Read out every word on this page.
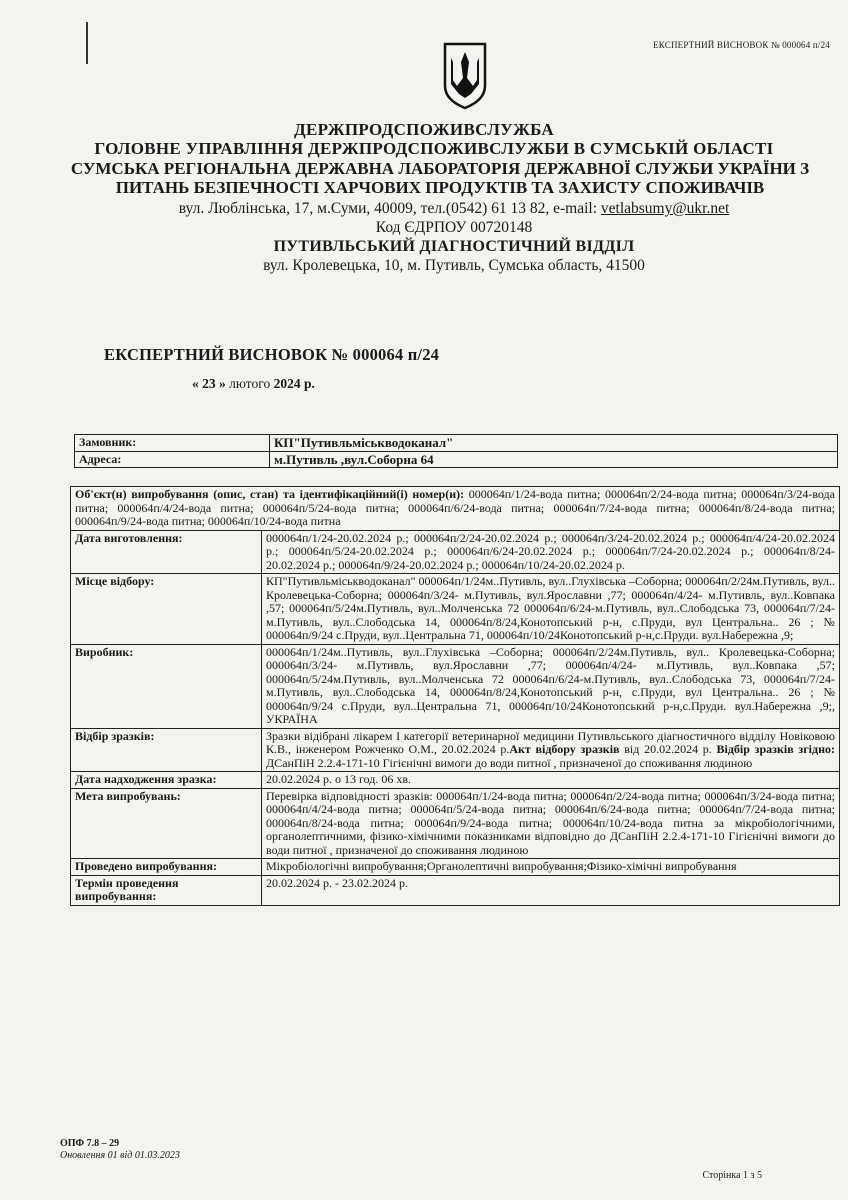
ЕКСПЕРТНИЙ ВИСНОВОК № 000064 п/24
ДЕРЖПРОДСПОЖИВСЛУЖБА
ГОЛОВНЕ УПРАВЛІННЯ ДЕРЖПРОДСПОЖИВСЛУЖБИ В СУМСЬКІЙ ОБЛАСТІ
СУМСЬКА РЕГІОНАЛЬНА ДЕРЖАВНА ЛАБОРАТОРІЯ ДЕРЖАВНОЇ СЛУЖБИ УКРАЇНИ З ПИТАНЬ БЕЗПЕЧНОСТІ ХАРЧОВИХ ПРОДУКТІВ ТА ЗАХИСТУ СПОЖИВАЧІВ
вул. Люблінська, 17, м.Суми, 40009, тел.(0542) 61 13 82, e-mail: vetlabsumy@ukr.net
Код ЄДРПОУ 00720148
ПУТИВЛЬСЬКИЙ ДІАГНОСТИЧНИЙ ВІДДІЛ
вул. Кролевецька, 10, м. Путивль, Сумська область, 41500
ЕКСПЕРТНИЙ ВИСНОВОК № 000064 п/24
« 23 » лютого 2024 р.
Замовник:	КП"Путивльміськводоканал"
Адреса:	м.Путивль ,вул.Соборна 64
Об'єкт(н) випробування (опис, стан) та ідентифікаційний(і) номер(и): 000064п/1/24-вода питна; 000064п/2/24-вода питна; 000064п/3/24-вода питна; 000064п/4/24-вода питна; 000064п/5/24-вода питна; 000064п/6/24-вода питна; 000064п/7/24-вода питна; 000064п/8/24-вода питна; 000064п/9/24-вода питна; 000064п/10/24-вода питна	
Дата виготовлення:	000064п/1/24-20.02.2024 р.; 000064п/2/24-20.02.2024 р.; 000064п/3/24-20.02.2024 р.; 000064п/4/24-20.02.2024 р.; 000064п/5/24-20.02.2024 р.; 000064п/6/24-20.02.2024 р.; 000064п/7/24-20.02.2024 р.; 000064п/8/24-20.02.2024 р.; 000064п/9/24-20.02.2024 р.; 000064п/10/24-20.02.2024 р.
Місце відбору:	КП"Путивльміськводоканал" 000064п/1/24м..Путивль, вул..Глухівська –Соборна; 000064п/2/24м.Путивль, вул.. Кролевецька-Соборна; 000064п/3/24- м.Путивль, вул.Ярославни ,77; 000064п/4/24- м.Путивль, вул..Ковпака ,57; 000064п/5/24м.Путивль, вул..Молченська 72 000064п/6/24-м.Путивль, вул..Слободська 73, 000064п/7/24- м.Путивль, вул..Слободська 14, 000064п/8/24,Конотопський р-н, с.Пруди, вул Центральна.. 26 ; № 000064п/9/24 с.Пруди, вул..Центральна 71, 000064п/10/24Конотопський р-н,с.Пруди. вул.Набережна ,9;
Виробник:	000064п/1/24м..Путивль, вул..Глухівська –Соборна; 000064п/2/24м.Путивль, вул.. Кролевецька-Соборна; 000064п/3/24- м.Путивль, вул.Ярославни ,77; 000064п/4/24- м.Путивль, вул..Ковпака ,57; 000064п/5/24м.Путивль, вул..Молченська 72 000064п/6/24-м.Путивль, вул..Слободська 73, 000064п/7/24- м.Путивль, вул..Слободська 14, 000064п/8/24,Конотопський р-н, с.Пруди, вул Центральна.. 26 ; № 000064п/9/24 с.Пруди, вул..Центральна 71, 000064п/10/24Конотопський р-н,с.Пруди. вул.Набережна ,9;, УКРАЇНА
Відбір зразків:	Зразки відібрані лікарем I категорії ветеринарної медицини Путивльського діагностичного відділу Новіковою К.В., інженером Рожченко О.М., 20.02.2024 р.Акт відбору зразків від 20.02.2024 р. Відбір зразків згідно: ДСанПіН 2.2.4-171-10 Гігієнічні вимоги до води питної , призначеної до споживання людиною
Дата надходження зразка:	20.02.2024 р. о 13 год. 06 хв.
Мета випробувань:	Перевірка відповідності зразків: 000064п/1/24-вода питна; 000064п/2/24-вода питна; 000064п/3/24-вода питна; 000064п/4/24-вода питна; 000064п/5/24-вода питна; 000064п/6/24-вода питна; 000064п/7/24-вода питна; 000064п/8/24-вода питна; 000064п/9/24-вода питна; 000064п/10/24-вода питна за мікробіологічними, органолептичними, фізико-хімічними показниками відповідно до ДСанПіН 2.2.4-171-10 Гігієнічні вимоги до води питної , призначеної до споживання людиною
Проведено випробування:	Мікробіологічні випробування;Органолептичні випробування;Фізико-хімічні випробування
Термін проведення випробування:	20.02.2024 р. - 23.02.2024 р.
ОПФ 7.8 – 29
Оновлення 01 від 01.03.2023
Сторінка 1 з 5
